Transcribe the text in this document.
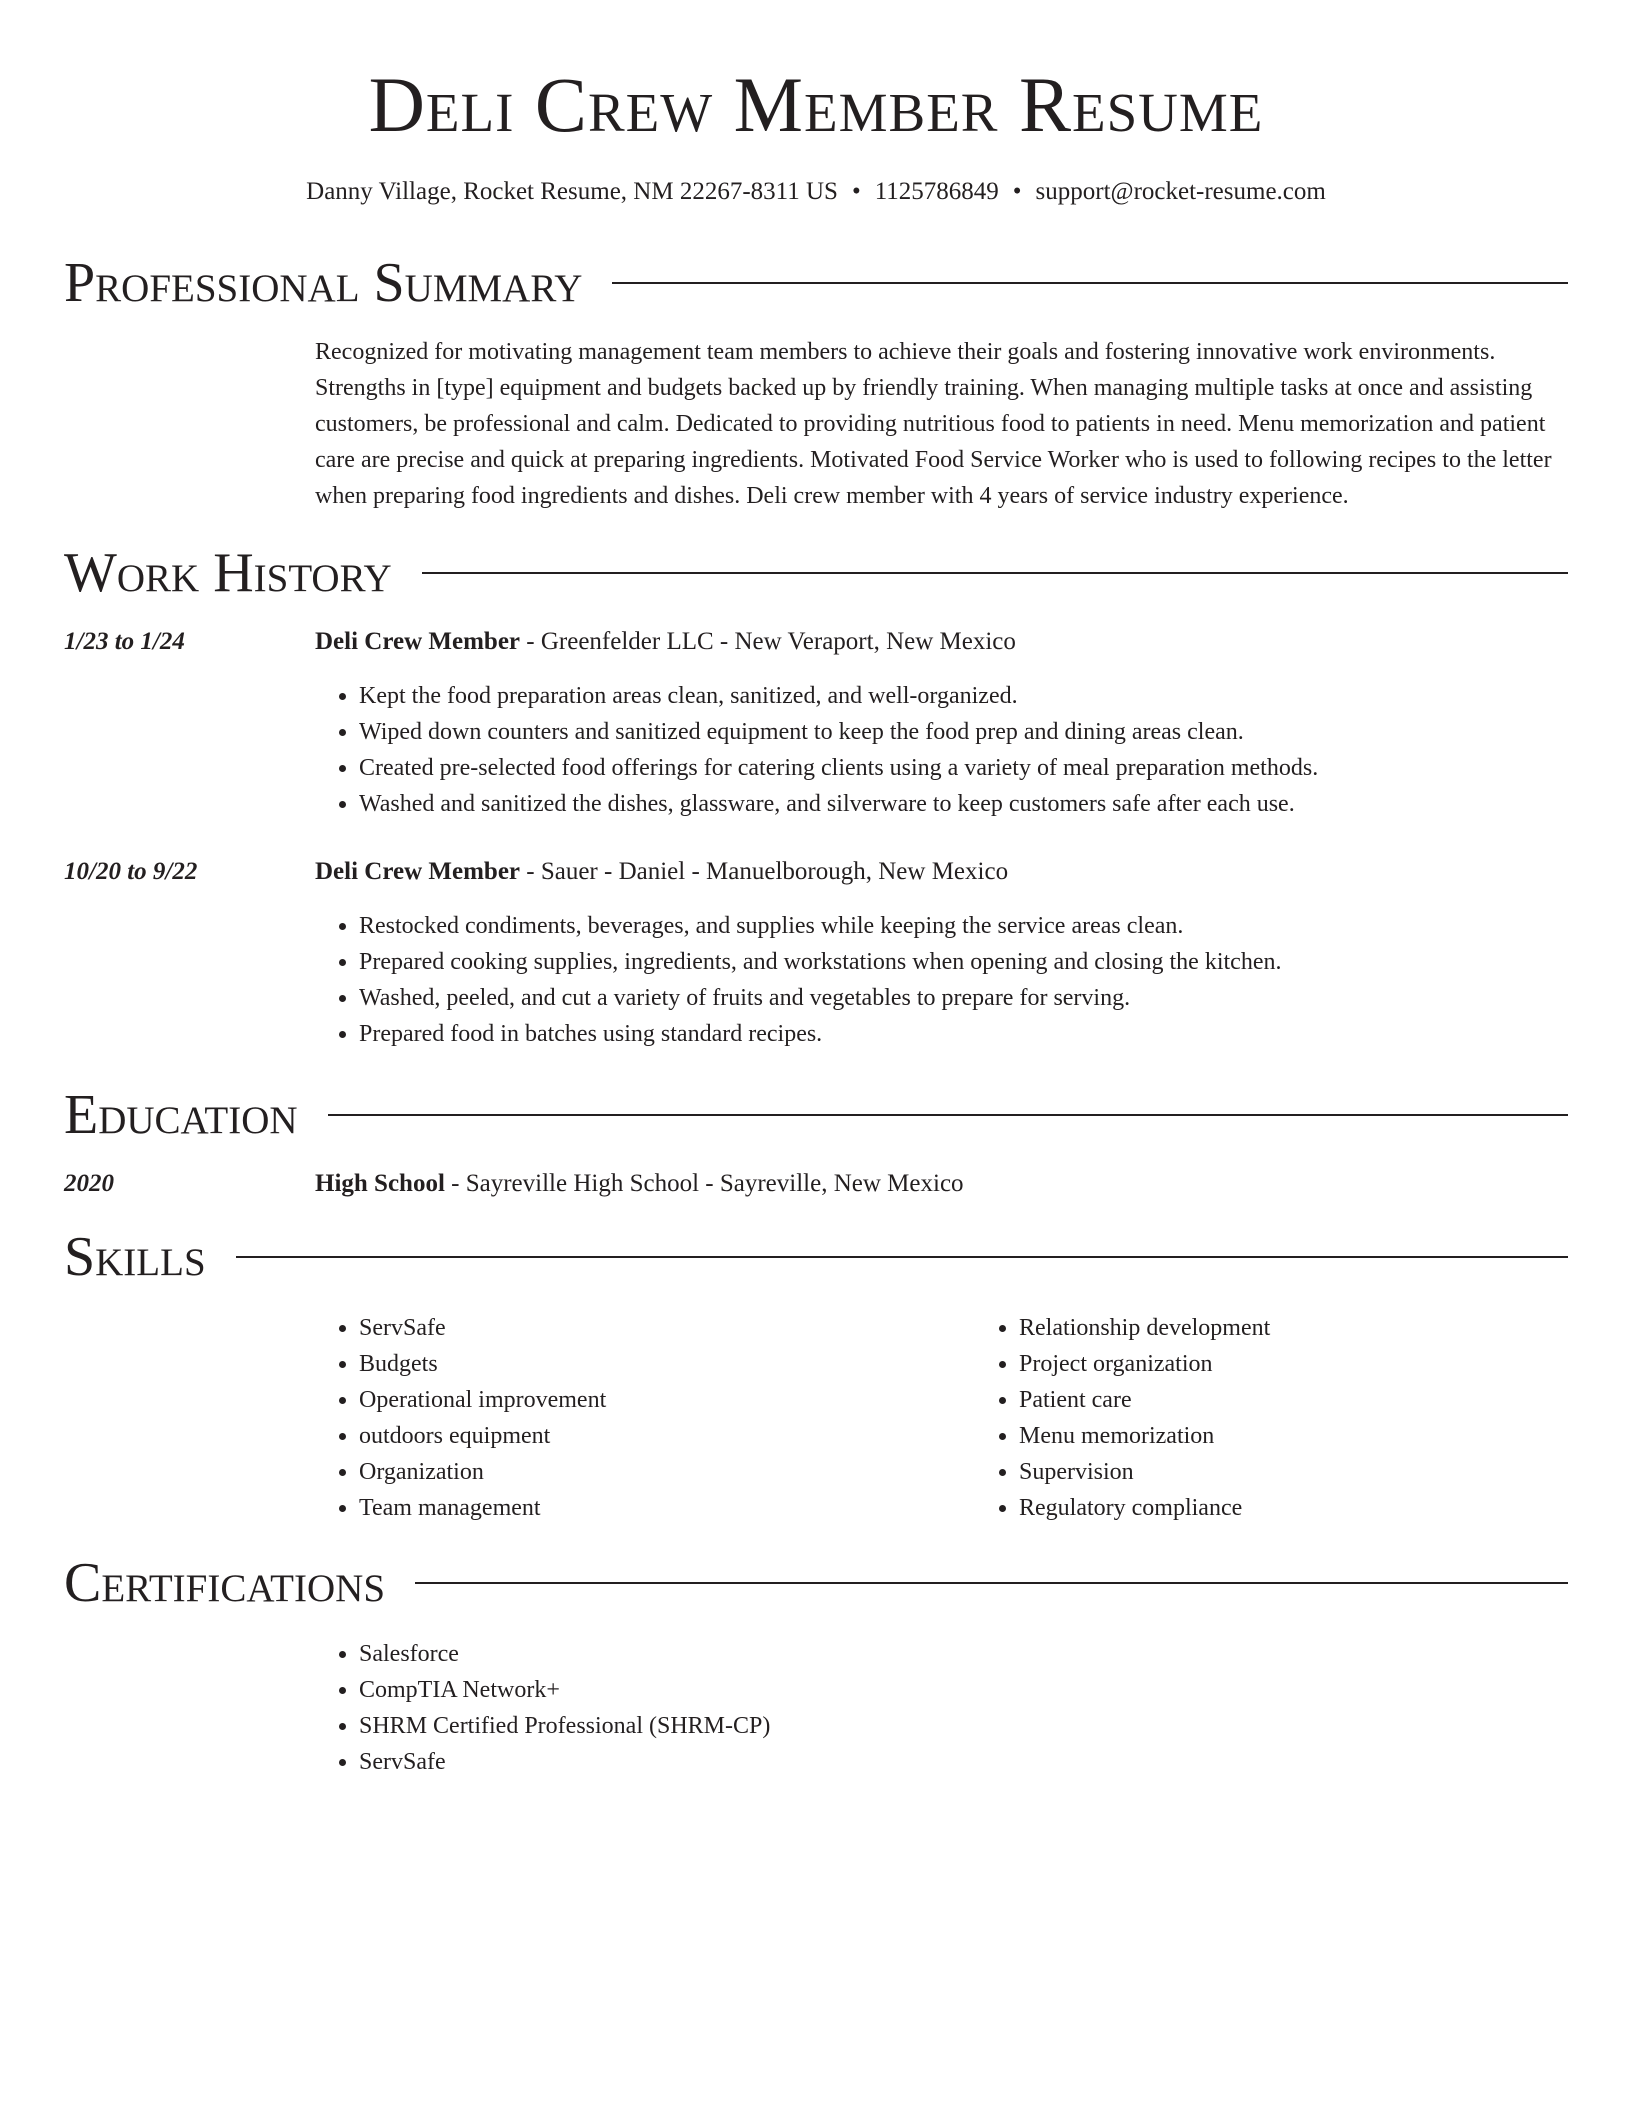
Deli Crew Member Resume
Danny Village, Rocket Resume, NM 22267-8311 US • 1125786849 • support@rocket-resume.com
Professional Summary
Recognized for motivating management team members to achieve their goals and fostering innovative work environments. Strengths in [type] equipment and budgets backed up by friendly training. When managing multiple tasks at once and assisting customers, be professional and calm. Dedicated to providing nutritious food to patients in need. Menu memorization and patient care are precise and quick at preparing ingredients. Motivated Food Service Worker who is used to following recipes to the letter when preparing food ingredients and dishes. Deli crew member with 4 years of service industry experience.
Work History
1/23 to 1/24	Deli Crew Member - Greenfelder LLC - New Veraport, New Mexico
• Kept the food preparation areas clean, sanitized, and well-organized.
• Wiped down counters and sanitized equipment to keep the food prep and dining areas clean.
• Created pre-selected food offerings for catering clients using a variety of meal preparation methods.
• Washed and sanitized the dishes, glassware, and silverware to keep customers safe after each use.
10/20 to 9/22	Deli Crew Member - Sauer - Daniel - Manuelborough, New Mexico
• Restocked condiments, beverages, and supplies while keeping the service areas clean.
• Prepared cooking supplies, ingredients, and workstations when opening and closing the kitchen.
• Washed, peeled, and cut a variety of fruits and vegetables to prepare for serving.
• Prepared food in batches using standard recipes.
Education
2020	High School - Sayreville High School - Sayreville, New Mexico
Skills
• ServSafe
• Budgets
• Operational improvement
• outdoors equipment
• Organization
• Team management
• Relationship development
• Project organization
• Patient care
• Menu memorization
• Supervision
• Regulatory compliance
Certifications
• Salesforce
• CompTIA Network+
• SHRM Certified Professional (SHRM-CP)
• ServSafe
